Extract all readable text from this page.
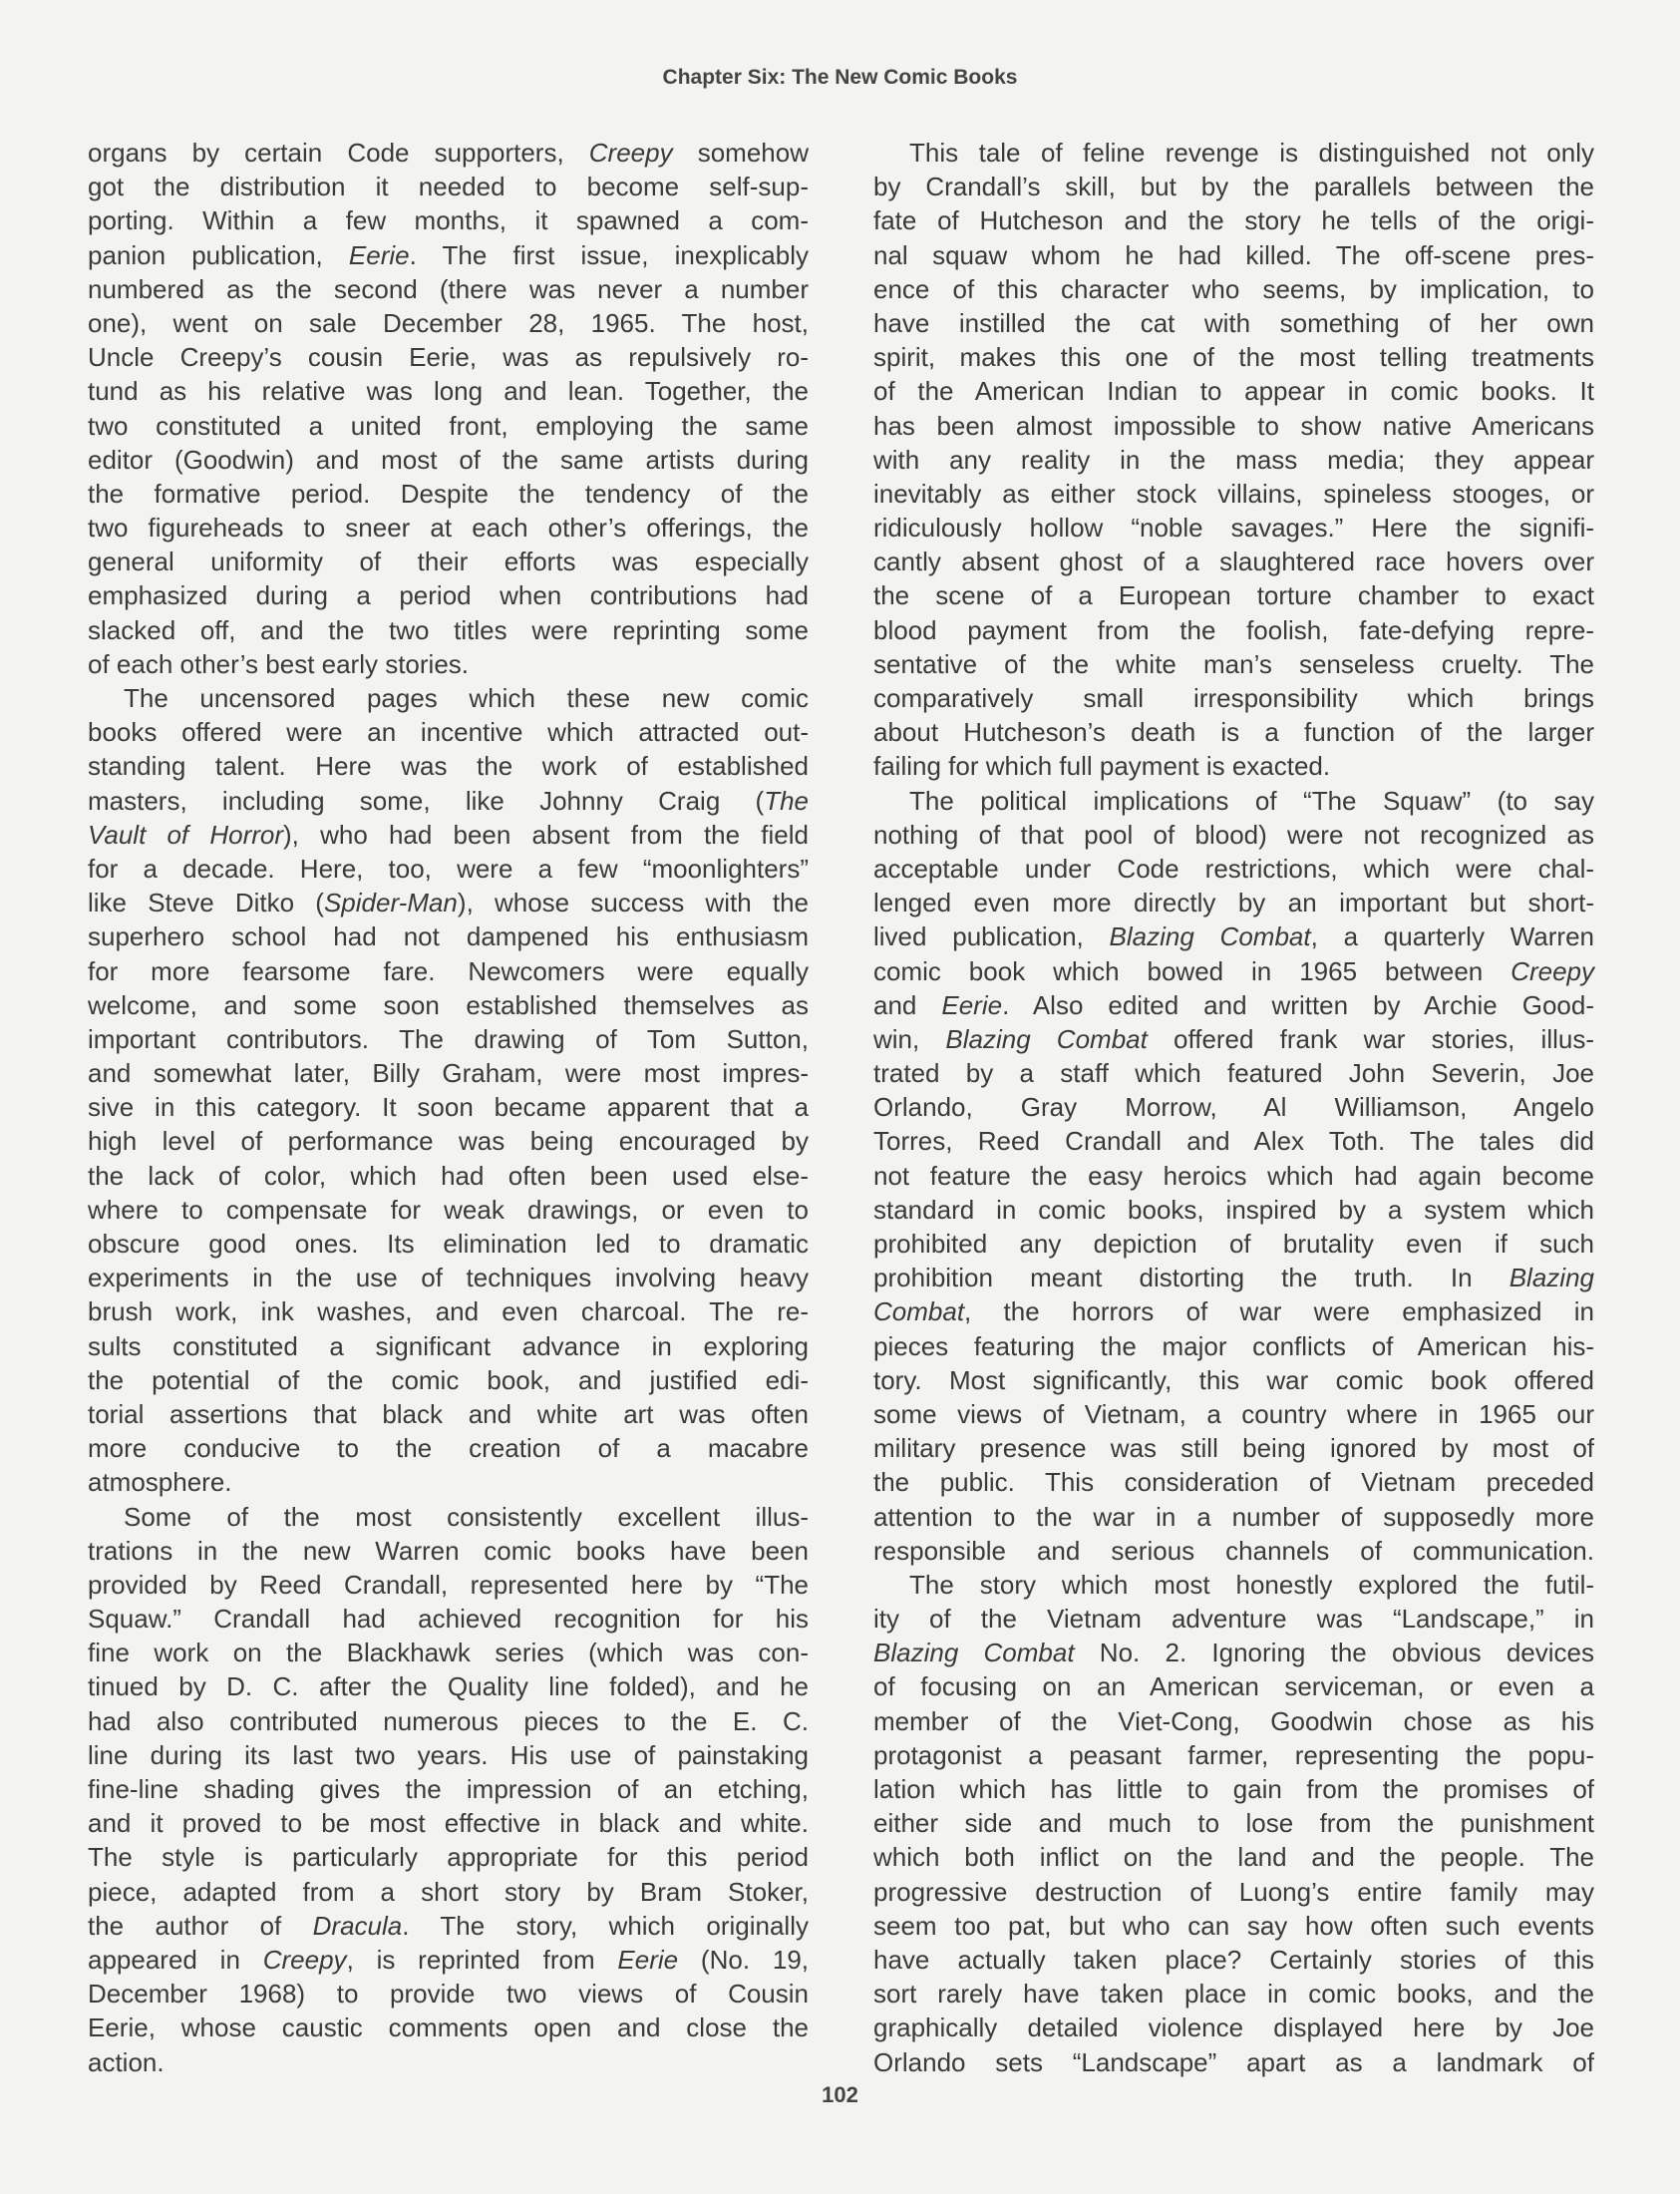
Chapter Six: The New Comic Books
organs by certain Code supporters, Creepy somehow
got the distribution it needed to become self-sup-
porting. Within a few months, it spawned a com-
panion publication, Eerie. The first issue, inexplicably
numbered as the second (there was never a number
one), went on sale December 28, 1965. The host,
Uncle Creepy’s cousin Eerie, was as repulsively ro-
tund as his relative was long and lean. Together, the
two constituted a united front, employing the same
editor (Goodwin) and most of the same artists during
the formative period. Despite the tendency of the
two figureheads to sneer at each other’s offerings, the
general uniformity of their efforts was especially
emphasized during a period when contributions had
slacked off, and the two titles were reprinting some
of each other’s best early stories.
The uncensored pages which these new comic
books offered were an incentive which attracted out-
standing talent. Here was the work of established
masters, including some, like Johnny Craig (The
Vault of Horror), who had been absent from the field
for a decade. Here, too, were a few “moonlighters”
like Steve Ditko (Spider-Man), whose success with the
superhero school had not dampened his enthusiasm
for more fearsome fare. Newcomers were equally
welcome, and some soon established themselves as
important contributors. The drawing of Tom Sutton,
and somewhat later, Billy Graham, were most impres-
sive in this category. It soon became apparent that a
high level of performance was being encouraged by
the lack of color, which had often been used else-
where to compensate for weak drawings, or even to
obscure good ones. Its elimination led to dramatic
experiments in the use of techniques involving heavy
brush work, ink washes, and even charcoal. The re-
sults constituted a significant advance in exploring
the potential of the comic book, and justified edi-
torial assertions that black and white art was often
more conducive to the creation of a macabre
atmosphere.
Some of the most consistently excellent illus-
trations in the new Warren comic books have been
provided by Reed Crandall, represented here by “The
Squaw.” Crandall had achieved recognition for his
fine work on the Blackhawk series (which was con-
tinued by D. C. after the Quality line folded), and he
had also contributed numerous pieces to the E. C.
line during its last two years. His use of painstaking
fine-line shading gives the impression of an etching,
and it proved to be most effective in black and white.
The style is particularly appropriate for this period
piece, adapted from a short story by Bram Stoker,
the author of Dracula. The story, which originally
appeared in Creepy, is reprinted from Eerie (No. 19,
December 1968) to provide two views of Cousin
Eerie, whose caustic comments open and close the
action.
This tale of feline revenge is distinguished not only
by Crandall’s skill, but by the parallels between the
fate of Hutcheson and the story he tells of the origi-
nal squaw whom he had killed. The off-scene pres-
ence of this character who seems, by implication, to
have instilled the cat with something of her own
spirit, makes this one of the most telling treatments
of the American Indian to appear in comic books. It
has been almost impossible to show native Americans
with any reality in the mass media; they appear
inevitably as either stock villains, spineless stooges, or
ridiculously hollow “noble savages.” Here the signifi-
cantly absent ghost of a slaughtered race hovers over
the scene of a European torture chamber to exact
blood payment from the foolish, fate-defying repre-
sentative of the white man’s senseless cruelty. The
comparatively small irresponsibility which brings
about Hutcheson’s death is a function of the larger
failing for which full payment is exacted.
The political implications of “The Squaw” (to say
nothing of that pool of blood) were not recognized as
acceptable under Code restrictions, which were chal-
lenged even more directly by an important but short-
lived publication, Blazing Combat, a quarterly Warren
comic book which bowed in 1965 between Creepy
and Eerie. Also edited and written by Archie Good-
win, Blazing Combat offered frank war stories, illus-
trated by a staff which featured John Severin, Joe
Orlando, Gray Morrow, Al Williamson, Angelo
Torres, Reed Crandall and Alex Toth. The tales did
not feature the easy heroics which had again become
standard in comic books, inspired by a system which
prohibited any depiction of brutality even if such
prohibition meant distorting the truth. In Blazing
Combat, the horrors of war were emphasized in
pieces featuring the major conflicts of American his-
tory. Most significantly, this war comic book offered
some views of Vietnam, a country where in 1965 our
military presence was still being ignored by most of
the public. This consideration of Vietnam preceded
attention to the war in a number of supposedly more
responsible and serious channels of communication.
The story which most honestly explored the futil-
ity of the Vietnam adventure was “Landscape,” in
Blazing Combat No. 2. Ignoring the obvious devices
of focusing on an American serviceman, or even a
member of the Viet-Cong, Goodwin chose as his
protagonist a peasant farmer, representing the popu-
lation which has little to gain from the promises of
either side and much to lose from the punishment
which both inflict on the land and the people. The
progressive destruction of Luong’s entire family may
seem too pat, but who can say how often such events
have actually taken place? Certainly stories of this
sort rarely have taken place in comic books, and the
graphically detailed violence displayed here by Joe
Orlando sets “Landscape” apart as a landmark of
102
